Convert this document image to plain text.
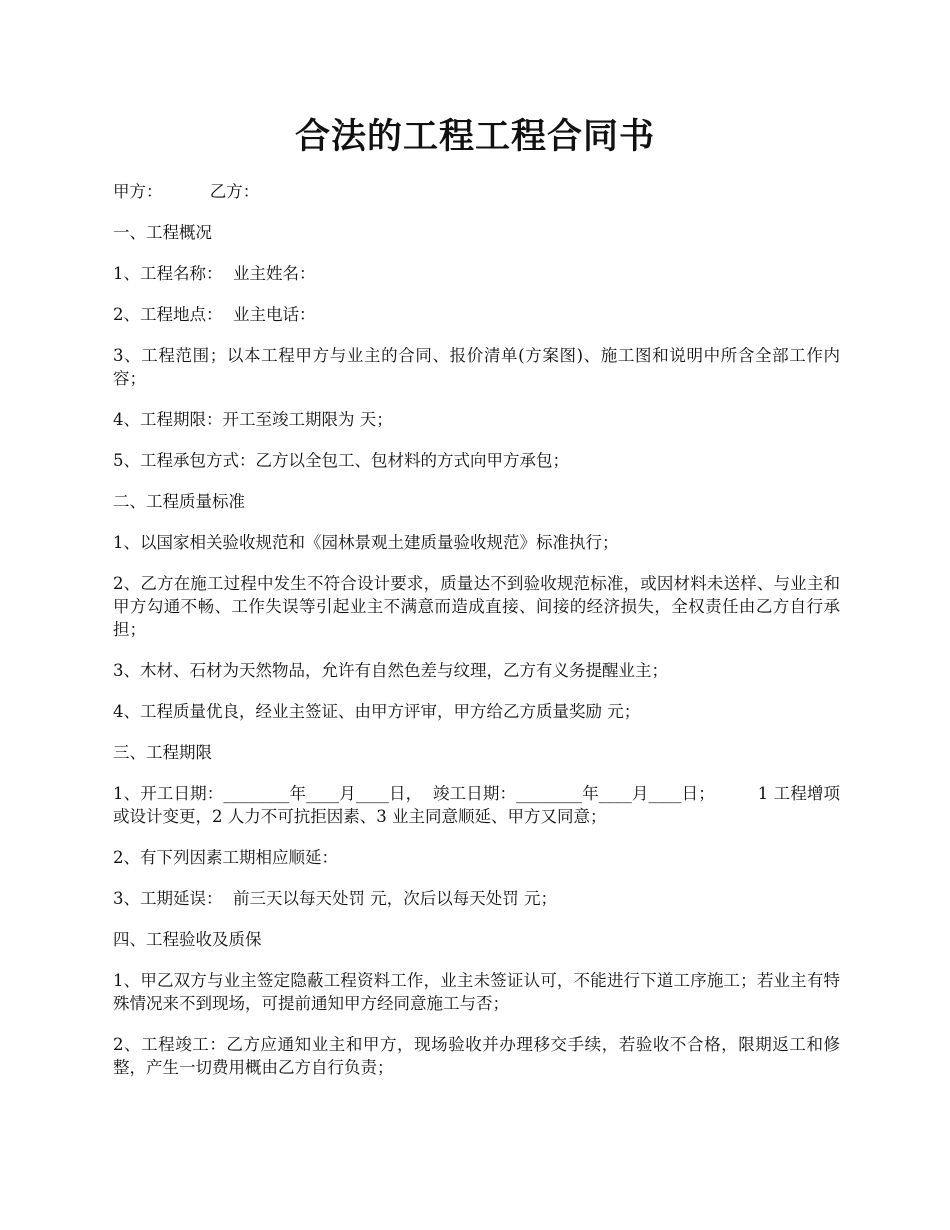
合法的工程工程合同书

甲方：         乙方：

一、工程概况

1、工程名称：  业主姓名：

2、工程地点：  业主电话：

3、工程范围；以本工程甲方与业主的合同、报价清单(方案图)、施工图和说明中所含全部工作内容；

4、工程期限：开工至竣工期限为 天；

5、工程承包方式：乙方以全包工、包材料的方式向甲方承包；

二、工程质量标准

1、以国家相关验收规范和《园林景观土建质量验收规范》标准执行；

2、乙方在施工过程中发生不符合设计要求，质量达不到验收规范标准，或因材料未送样、与业主和甲方勾通不畅、工作失误等引起业主不满意而造成直接、间接的经济损失，全权责任由乙方自行承担；

3、木材、石材为天然物品，允许有自然色差与纹理，乙方有义务提醒业主；

4、工程质量优良，经业主签证、由甲方评审，甲方给乙方质量奖励 元；

三、工程期限

1、开工日期：________年____月____日，  竣工日期：________年____月____日；        1 工程增项或设计变更，2 人力不可抗拒因素、3 业主同意顺延、甲方又同意；

2、有下列因素工期相应顺延：

3、工期延误：  前三天以每天处罚 元，次后以每天处罚 元；

四、工程验收及质保

1、甲乙双方与业主签定隐蔽工程资料工作，业主未签证认可，不能进行下道工序施工；若业主有特殊情况来不到现场，可提前通知甲方经同意施工与否；

2、工程竣工：乙方应通知业主和甲方，现场验收并办理移交手续，若验收不合格，限期返工和修整，产生一切费用概由乙方自行负责；
